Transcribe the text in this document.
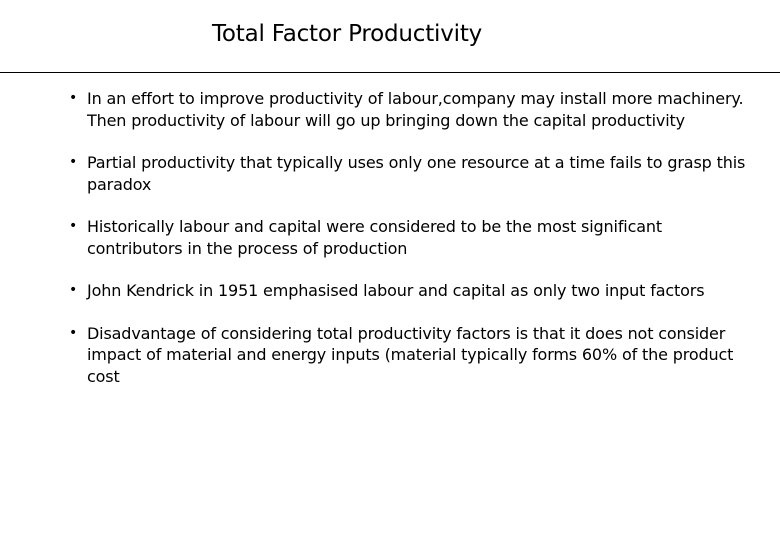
Total Factor Productivity
• In an effort to improve productivity of labour,company may install more machinery. Then productivity of labour will go up bringing down the capital productivity
• Partial productivity that typically uses only one resource at a time fails to grasp this paradox
• Historically labour and capital were considered to be the most significant contributors in the process of production
• John Kendrick in 1951 emphasised labour and capital as only two input factors
• Disadvantage of considering total productivity factors is that it does not consider impact of material and energy inputs (material typically forms 60% of the product cost
